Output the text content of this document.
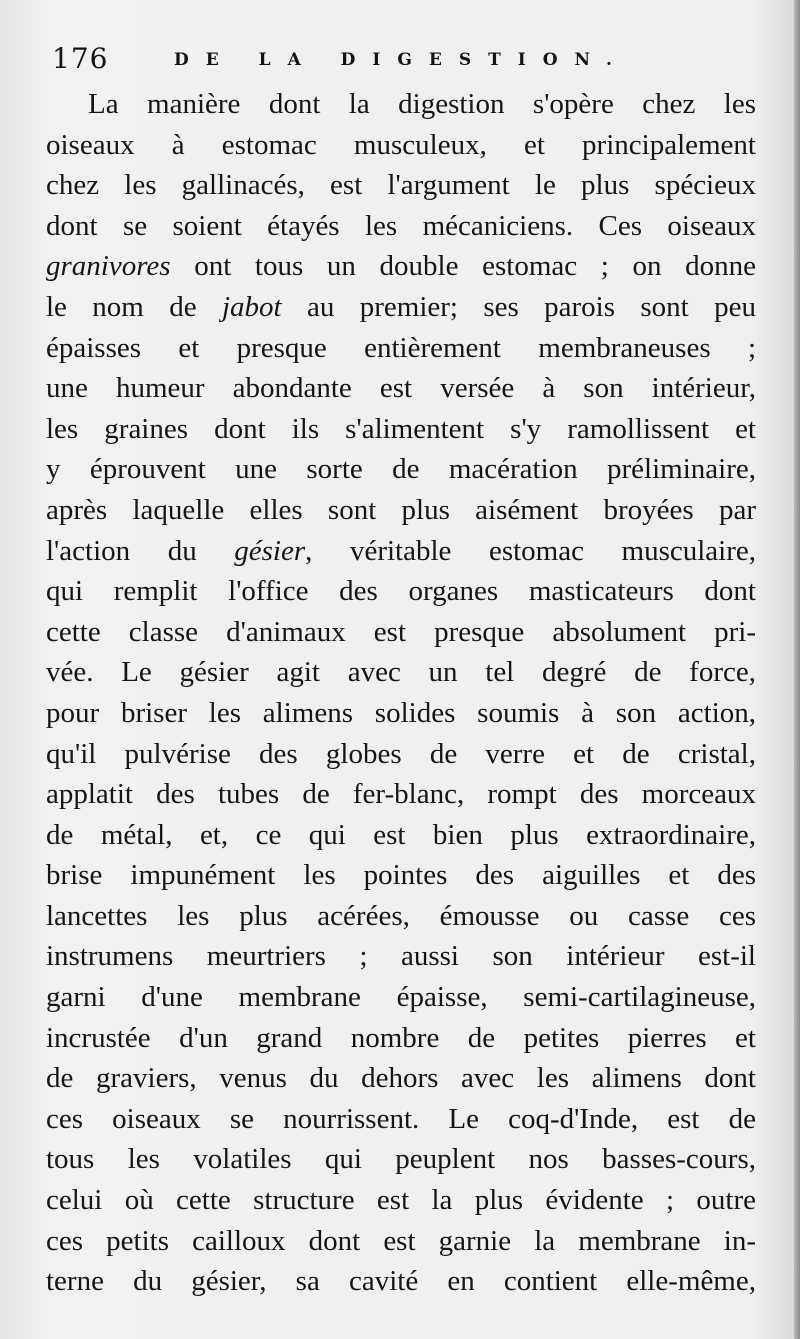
176	DE LA DIGESTION.
La manière dont la digestion s'opère chez les
oiseaux à estomac musculeux, et principalement
chez les gallinacés, est l'argument le plus spécieux
dont se soient étayés les mécaniciens. Ces oiseaux
granivores ont tous un double estomac ; on donne
le nom de jabot au premier; ses parois sont peu
épaisses et presque entièrement membraneuses ;
une humeur abondante est versée à son intérieur,
les graines dont ils s'alimentent s'y ramollissent et
y éprouvent une sorte de macération préliminaire,
après laquelle elles sont plus aisément broyées par
l'action du gésier, véritable estomac musculaire,
qui remplit l'office des organes masticateurs dont
cette classe d'animaux est presque absolument pri-
vée. Le gésier agit avec un tel degré de force,
pour briser les alimens solides soumis à son action,
qu'il pulvérise des globes de verre et de cristal,
applatit des tubes de fer-blanc, rompt des morceaux
de métal, et, ce qui est bien plus extraordinaire,
brise impunément les pointes des aiguilles et des
lancettes les plus acérées, émousse ou casse ces
instrumens meurtriers ; aussi son intérieur est-il
garni d'une membrane épaisse, semi-cartilagineuse,
incrustée d'un grand nombre de petites pierres et
de graviers, venus du dehors avec les alimens dont
ces oiseaux se nourrissent. Le coq-d'Inde, est de
tous les volatiles qui peuplent nos basses-cours,
celui où cette structure est la plus évidente ; outre
ces petits cailloux dont est garnie la membrane in-
terne du gésier, sa cavité en contient elle-même,
